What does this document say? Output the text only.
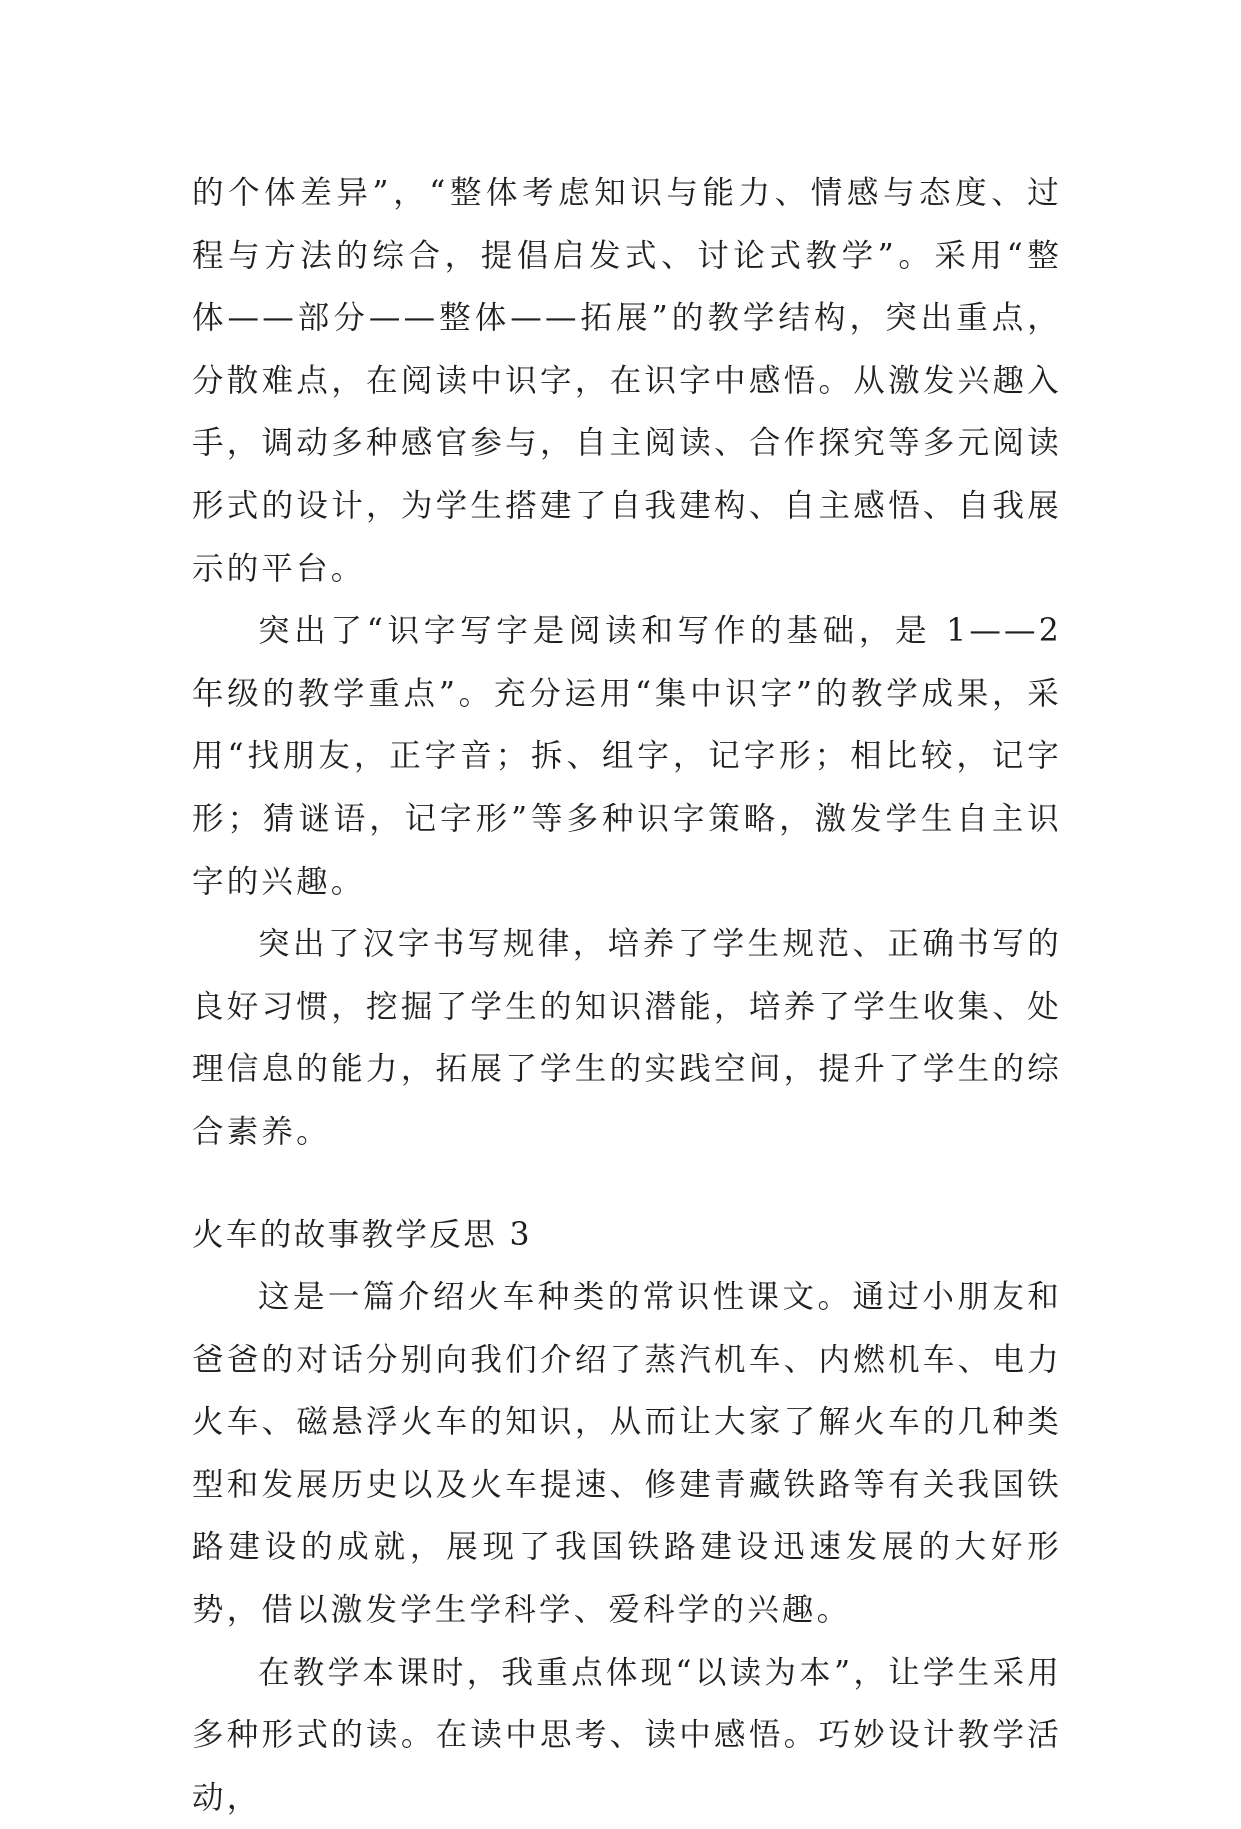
的个体差异”，“整体考虑知识与能力、情感与态度、过程与方法的综合，提倡启发式、讨论式教学”。采用“整体——部分——整体——拓展”的教学结构，突出重点，分散难点，在阅读中识字，在识字中感悟。从激发兴趣入手，调动多种感官参与，自主阅读、合作探究等多元阅读形式的设计，为学生搭建了自我建构、自主感悟、自我展示的平台。

突出了“识字写字是阅读和写作的基础，是 1——2 年级的教学重点”。充分运用“集中识字”的教学成果，采用“找朋友，正字音；拆、组字，记字形；相比较，记字形；猜谜语，记字形”等多种识字策略，激发学生自主识字的兴趣。

突出了汉字书写规律，培养了学生规范、正确书写的良好习惯，挖掘了学生的知识潜能，培养了学生收集、处理信息的能力，拓展了学生的实践空间，提升了学生的综合素养。

火车的故事教学反思 3

这是一篇介绍火车种类的常识性课文。通过小朋友和爸爸的对话分别向我们介绍了蒸汽机车、内燃机车、电力火车、磁悬浮火车的知识，从而让大家了解火车的几种类型和发展历史以及火车提速、修建青藏铁路等有关我国铁路建设的成就，展现了我国铁路建设迅速发展的大好形势，借以激发学生学科学、爱科学的兴趣。

在教学本课时，我重点体现“以读为本”，让学生采用多种形式的读。在读中思考、读中感悟。巧妙设计教学活动，
